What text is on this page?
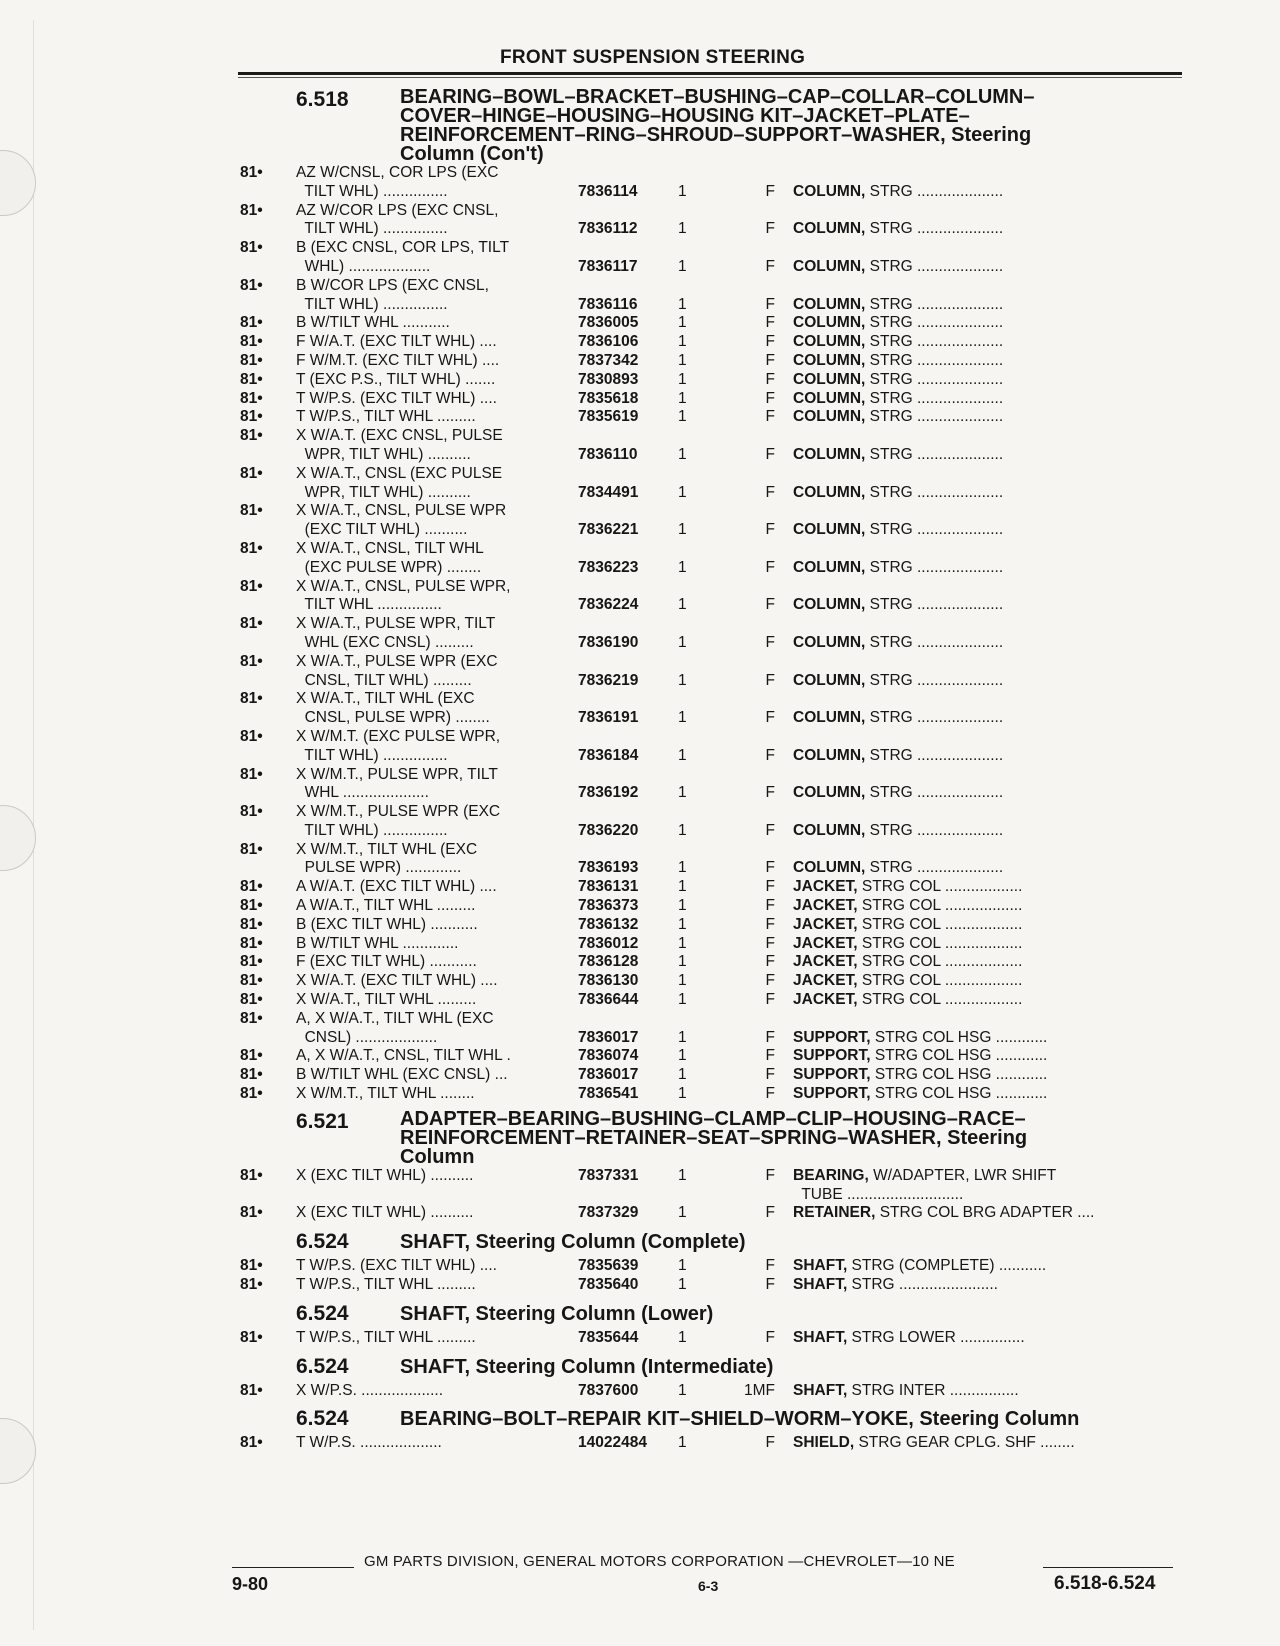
FRONT SUSPENSION STEERING
6.518	BEARING–BOWL–BRACKET–BUSHING–CAP–COLLAR–COLUMN–
COVER–HINGE–HOUSING–HOUSING KIT–JACKET–PLATE–
REINFORCEMENT–RING–SHROUD–SUPPORT–WASHER, Steering
Column (Con't)
81•	AZ W/CNSL, COR LPS (EXC
TILT WHL) ...............	7836114	1	F	COLUMN, STRG ....................
81•	AZ W/COR LPS (EXC CNSL,
TILT WHL) ...............	7836112	1	F	COLUMN, STRG ....................
81•	B (EXC CNSL, COR LPS, TILT
WHL) ...................	7836117	1	F	COLUMN, STRG ....................
81•	B W/COR LPS (EXC CNSL,
TILT WHL) ...............	7836116	1	F	COLUMN, STRG ....................
81•	B W/TILT WHL ...........	7836005	1	F	COLUMN, STRG ....................
81•	F W/A.T. (EXC TILT WHL) ....	7836106	1	F	COLUMN, STRG ....................
81•	F W/M.T. (EXC TILT WHL) ....	7837342	1	F	COLUMN, STRG ....................
81•	T (EXC P.S., TILT WHL) .......	7830893	1	F	COLUMN, STRG ....................
81•	T W/P.S. (EXC TILT WHL) ....	7835618	1	F	COLUMN, STRG ....................
81•	T W/P.S., TILT WHL .........	7835619	1	F	COLUMN, STRG ....................
81•	X W/A.T. (EXC CNSL, PULSE
WPR, TILT WHL) ..........	7836110	1	F	COLUMN, STRG ....................
81•	X W/A.T., CNSL (EXC PULSE
WPR, TILT WHL) ..........	7834491	1	F	COLUMN, STRG ....................
81•	X W/A.T., CNSL, PULSE WPR
(EXC TILT WHL) ..........	7836221	1	F	COLUMN, STRG ....................
81•	X W/A.T., CNSL, TILT WHL
(EXC PULSE WPR) ........	7836223	1	F	COLUMN, STRG ....................
81•	X W/A.T., CNSL, PULSE WPR,
TILT WHL ...............	7836224	1	F	COLUMN, STRG ....................
81•	X W/A.T., PULSE WPR, TILT
WHL (EXC CNSL) .........	7836190	1	F	COLUMN, STRG ....................
81•	X W/A.T., PULSE WPR (EXC
CNSL, TILT WHL) .........	7836219	1	F	COLUMN, STRG ....................
81•	X W/A.T., TILT WHL (EXC
CNSL, PULSE WPR) ........	7836191	1	F	COLUMN, STRG ....................
81•	X W/M.T. (EXC PULSE WPR,
TILT WHL) ...............	7836184	1	F	COLUMN, STRG ....................
81•	X W/M.T., PULSE WPR, TILT
WHL ....................	7836192	1	F	COLUMN, STRG ....................
81•	X W/M.T., PULSE WPR (EXC
TILT WHL) ...............	7836220	1	F	COLUMN, STRG ....................
81•	X W/M.T., TILT WHL (EXC
PULSE WPR) .............	7836193	1	F	COLUMN, STRG ....................
81•	A W/A.T. (EXC TILT WHL) ....	7836131	1	F	JACKET, STRG COL ..................
81•	A W/A.T., TILT WHL .........	7836373	1	F	JACKET, STRG COL ..................
81•	B (EXC TILT WHL) ...........	7836132	1	F	JACKET, STRG COL ..................
81•	B W/TILT WHL .............	7836012	1	F	JACKET, STRG COL ..................
81•	F (EXC TILT WHL) ...........	7836128	1	F	JACKET, STRG COL ..................
81•	X W/A.T. (EXC TILT WHL) ....	7836130	1	F	JACKET, STRG COL ..................
81•	X W/A.T., TILT WHL .........	7836644	1	F	JACKET, STRG COL ..................
81•	A, X W/A.T., TILT WHL (EXC
CNSL) ...................	7836017	1	F	SUPPORT, STRG COL HSG ............
81•	A, X W/A.T., CNSL, TILT WHL .	7836074	1	F	SUPPORT, STRG COL HSG ............
81•	B W/TILT WHL (EXC CNSL) ...	7836017	1	F	SUPPORT, STRG COL HSG ............
81•	X W/M.T., TILT WHL ........	7836541	1	F	SUPPORT, STRG COL HSG ............
6.521	ADAPTER–BEARING–BUSHING–CLAMP–CLIP–HOUSING–RACE–
REINFORCEMENT–RETAINER–SEAT–SPRING–WASHER, Steering
Column
81•	X (EXC TILT WHL) ..........	7837331	1	F	BEARING, W/ADAPTER, LWR SHIFT
TUBE ...........................
81•	X (EXC TILT WHL) ..........	7837329	1	F	RETAINER, STRG COL BRG ADAPTER ....
6.524	SHAFT, Steering Column (Complete)
81•	T W/P.S. (EXC TILT WHL) ....	7835639	1	F	SHAFT, STRG (COMPLETE) ...........
81•	T W/P.S., TILT WHL .........	7835640	1	F	SHAFT, STRG .......................
6.524	SHAFT, Steering Column (Lower)
81•	T W/P.S., TILT WHL .........	7835644	1	F	SHAFT, STRG LOWER ...............
6.524	SHAFT, Steering Column (Intermediate)
81•	X W/P.S. ...................	7837600	1	1MF	SHAFT, STRG INTER ................
6.524	BEARING–BOLT–REPAIR KIT–SHIELD–WORM–YOKE, Steering Column
81•	T W/P.S. ...................	14022484	1	F	SHIELD, STRG GEAR CPLG. SHF ........
GM PARTS DIVISION, GENERAL MOTORS CORPORATION —CHEVROLET—10 NE
9-80	6-3	6.518-6.524
